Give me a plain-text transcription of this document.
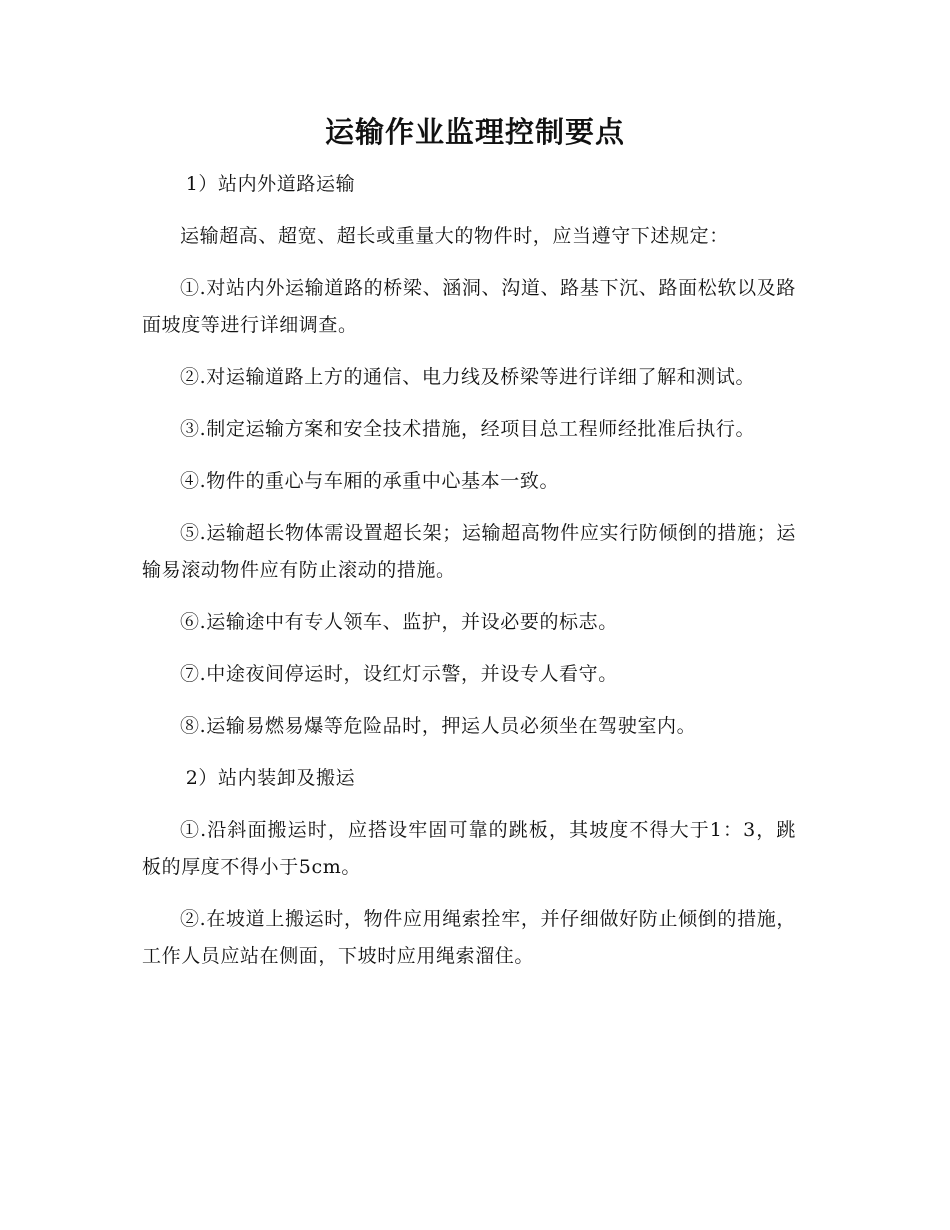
运输作业监理控制要点

1）站内外道路运输

运输超高、超宽、超长或重量大的物件时，应当遵守下述规定：

①.对站内外运输道路的桥梁、涵洞、沟道、路基下沉、路面松软以及路面坡度等进行详细调查。

②.对运输道路上方的通信、电力线及桥梁等进行详细了解和测试。

③.制定运输方案和安全技术措施，经项目总工程师经批准后执行。

④.物件的重心与车厢的承重中心基本一致。

⑤.运输超长物体需设置超长架；运输超高物件应实行防倾倒的措施；运输易滚动物件应有防止滚动的措施。

⑥.运输途中有专人领车、监护，并设必要的标志。

⑦.中途夜间停运时，设红灯示警，并设专人看守。

⑧.运输易燃易爆等危险品时，押运人员必须坐在驾驶室内。

2）站内装卸及搬运

①.沿斜面搬运时，应搭设牢固可靠的跳板，其坡度不得大于1：3，跳板的厚度不得小于5cm。

②.在坡道上搬运时，物件应用绳索拴牢，并仔细做好防止倾倒的措施，工作人员应站在侧面，下坡时应用绳索溜住。
